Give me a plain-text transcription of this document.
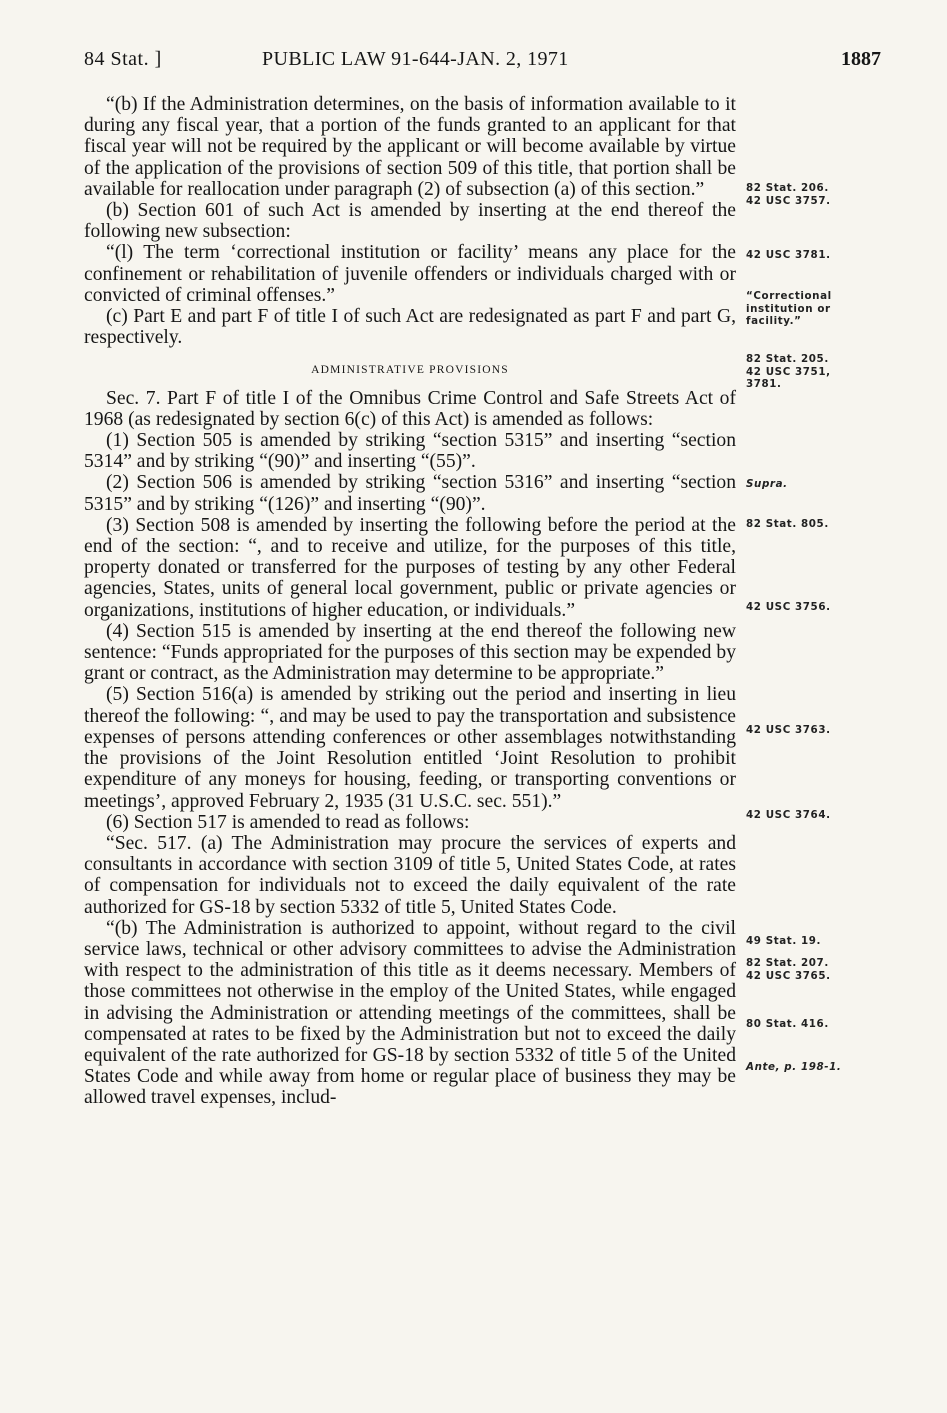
84 Stat. ]	PUBLIC LAW 91-644-JAN. 2, 1971	1887

“(b) If the Administration determines, on the basis of information available to it during any fiscal year, that a portion of the funds granted to an applicant for that fiscal year will not be required by the applicant or will become available by virtue of the application of the provisions of section 509 of this title, that portion shall be available for reallocation under paragraph (2) of subsection (a) of this section.”

(b) Section 601 of such Act is amended by inserting at the end thereof the following new subsection:

“(l) The term ‘correctional institution or facility’ means any place for the confinement or rehabilitation of juvenile offenders or individuals charged with or convicted of criminal offenses.”

(c) Part E and part F of title I of such Act are redesignated as part F and part G, respectively.

ADMINISTRATIVE PROVISIONS

Sec. 7. Part F of title I of the Omnibus Crime Control and Safe Streets Act of 1968 (as redesignated by section 6(c) of this Act) is amended as follows:

(1) Section 505 is amended by striking “section 5315” and inserting “section 5314” and by striking “(90)” and inserting “(55)”.

(2) Section 506 is amended by striking “section 5316” and inserting “section 5315” and by striking “(126)” and inserting “(90)”.

(3) Section 508 is amended by inserting the following before the period at the end of the section: “, and to receive and utilize, for the purposes of this title, property donated or transferred for the purposes of testing by any other Federal agencies, States, units of general local government, public or private agencies or organizations, institutions of higher education, or individuals.”

(4) Section 515 is amended by inserting at the end thereof the following new sentence: “Funds appropriated for the purposes of this section may be expended by grant or contract, as the Administration may determine to be appropriate.”

(5) Section 516(a) is amended by striking out the period and inserting in lieu thereof the following: “, and may be used to pay the transportation and subsistence expenses of persons attending conferences or other assemblages notwithstanding the provisions of the Joint Resolution entitled ‘Joint Resolution to prohibit expenditure of any moneys for housing, feeding, or transporting conventions or meetings’, approved February 2, 1935 (31 U.S.C. sec. 551).”

(6) Section 517 is amended to read as follows:

“Sec. 517. (a) The Administration may procure the services of experts and consultants in accordance with section 3109 of title 5, United States Code, at rates of compensation for individuals not to exceed the daily equivalent of the rate authorized for GS-18 by section 5332 of title 5, United States Code.

“(b) The Administration is authorized to appoint, without regard to the civil service laws, technical or other advisory committees to advise the Administration with respect to the administration of this title as it deems necessary. Members of those committees not otherwise in the employ of the United States, while engaged in advising the Administration or attending meetings of the committees, shall be compensated at rates to be fixed by the Administration but not to exceed the daily equivalent of the rate authorized for GS-18 by section 5332 of title 5 of the United States Code and while away from home or regular place of business they may be allowed travel expenses, includ-

82 Stat. 206.
42 USC 3757.
42 USC 3781.
“Correctional
institution or
facility.”
82 Stat. 205.
42 USC 3751,
3781.
Supra.
82 Stat. 805.
42 USC 3756.
42 USC 3763.
42 USC 3764.
49 Stat. 19.
82 Stat. 207.
42 USC 3765.
80 Stat. 416.
Ante, p. 198-1.
